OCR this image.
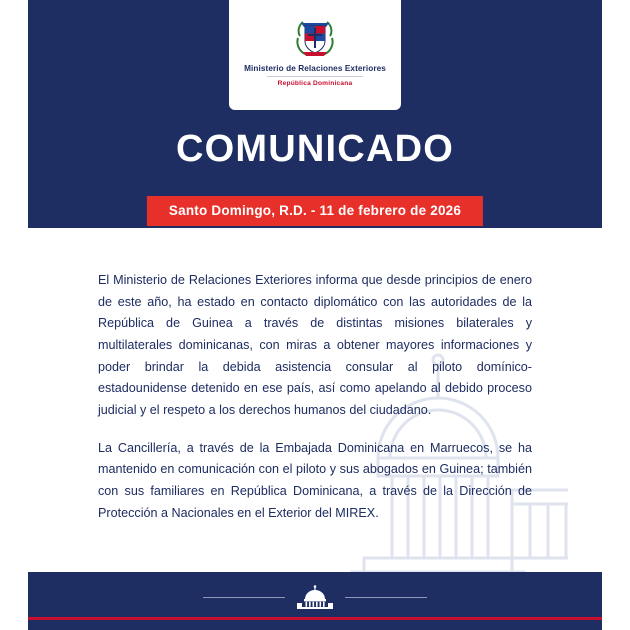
Ministerio de Relaciones Exteriores
República Dominicana
COMUNICADO
Santo Domingo, R.D. - 11 de febrero de 2026

El Ministerio de Relaciones Exteriores informa que desde principios de enero de este año, ha estado en contacto diplomático con las autoridades de la República de Guinea a través de distintas misiones bilaterales y multilaterales dominicanas, con miras a obtener mayores informaciones y poder brindar la debida asistencia consular al piloto domínico-estadounidense detenido en ese país, así como apelando al debido proceso judicial y el respeto a los derechos humanos del ciudadano.

La Cancillería, a través de la Embajada Dominicana en Marruecos, se ha mantenido en comunicación con el piloto y sus abogados en Guinea; también con sus familiares en República Dominicana, a través de la Dirección de Protección a Nacionales en el Exterior del MIREX.
